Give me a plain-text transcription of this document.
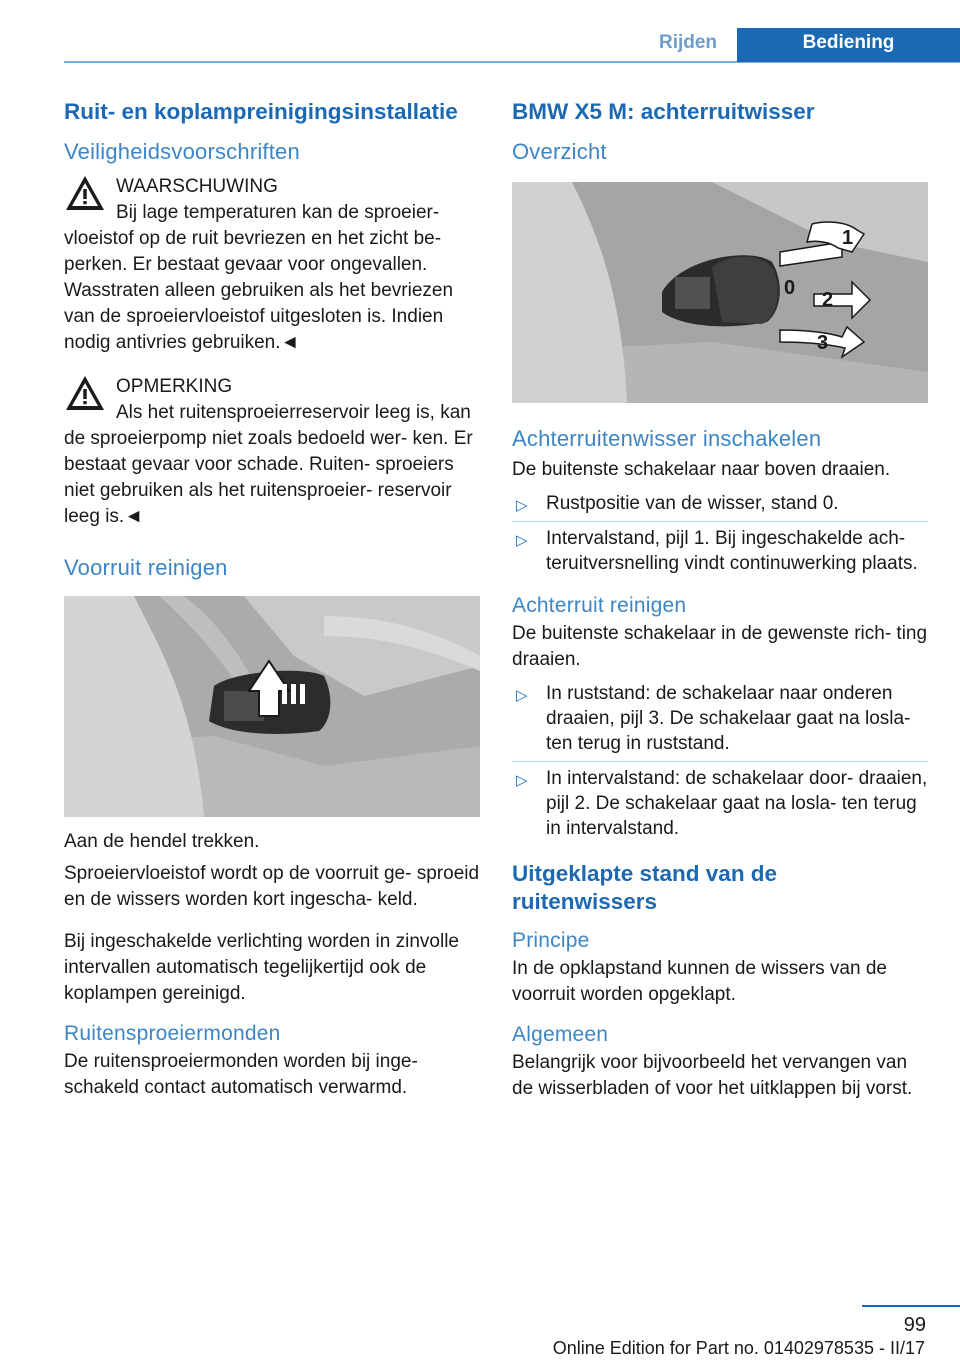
Rijden	Bediening
Ruit- en koplampreinigingsinstallatie
Veiligheidsvoorschriften
WAARSCHUWING

Bij lage temperaturen kan de sproeier- vloeistof op de ruit bevriezen en het zicht be- perken. Er bestaat gevaar voor ongevallen. Wasstraten alleen gebruiken als het bevriezen van de sproeiervloeistof uitgesloten is. Indien nodig antivries gebruiken.◄

OPMERKING

Als het ruitensproeierreservoir leeg is, kan de sproeierpomp niet zoals bedoeld wer- ken. Er bestaat gevaar voor schade. Ruiten- sproeiers niet gebruiken als het ruitensproeier- reservoir leeg is.◄

Voorruit reinigen

Aan de hendel trekken.

Sproeiervloeistof wordt op de voorruit ge- sproeid en de wissers worden kort ingescha- keld.

Bij ingeschakelde verlichting worden in zinvolle intervallen automatisch tegelijkertijd ook de koplampen gereinigd.

Ruitensproeiermonden

De ruitensproeiermonden worden bij inge- schakeld contact automatisch verwarmd.

BMW X5 M: achterruitwisser
Overzicht
1
0
2
3
Achterruitenwisser inschakelen

De buitenste schakelaar naar boven draaien.

▷ Rustpositie van de wisser, stand 0.
▷ Intervalstand, pijl 1. Bij ingeschakelde ach- teruitversnelling vindt continuwerking plaats.
Achterruit reinigen

De buitenste schakelaar in de gewenste rich- ting draaien.

▷ In ruststand: de schakelaar naar onderen draaien, pijl 3. De schakelaar gaat na losla- ten terug in ruststand.
▷ In intervalstand: de schakelaar door- draaien, pijl 2. De schakelaar gaat na losla- ten terug in intervalstand.
Uitgeklapte stand van de ruitenwissers
Principe

In de opklapstand kunnen de wissers van de voorruit worden opgeklapt.

Algemeen

Belangrijk voor bijvoorbeeld het vervangen van de wisserbladen of voor het uitklappen bij vorst.

99
Online Edition for Part no. 01402978535 - II/17
